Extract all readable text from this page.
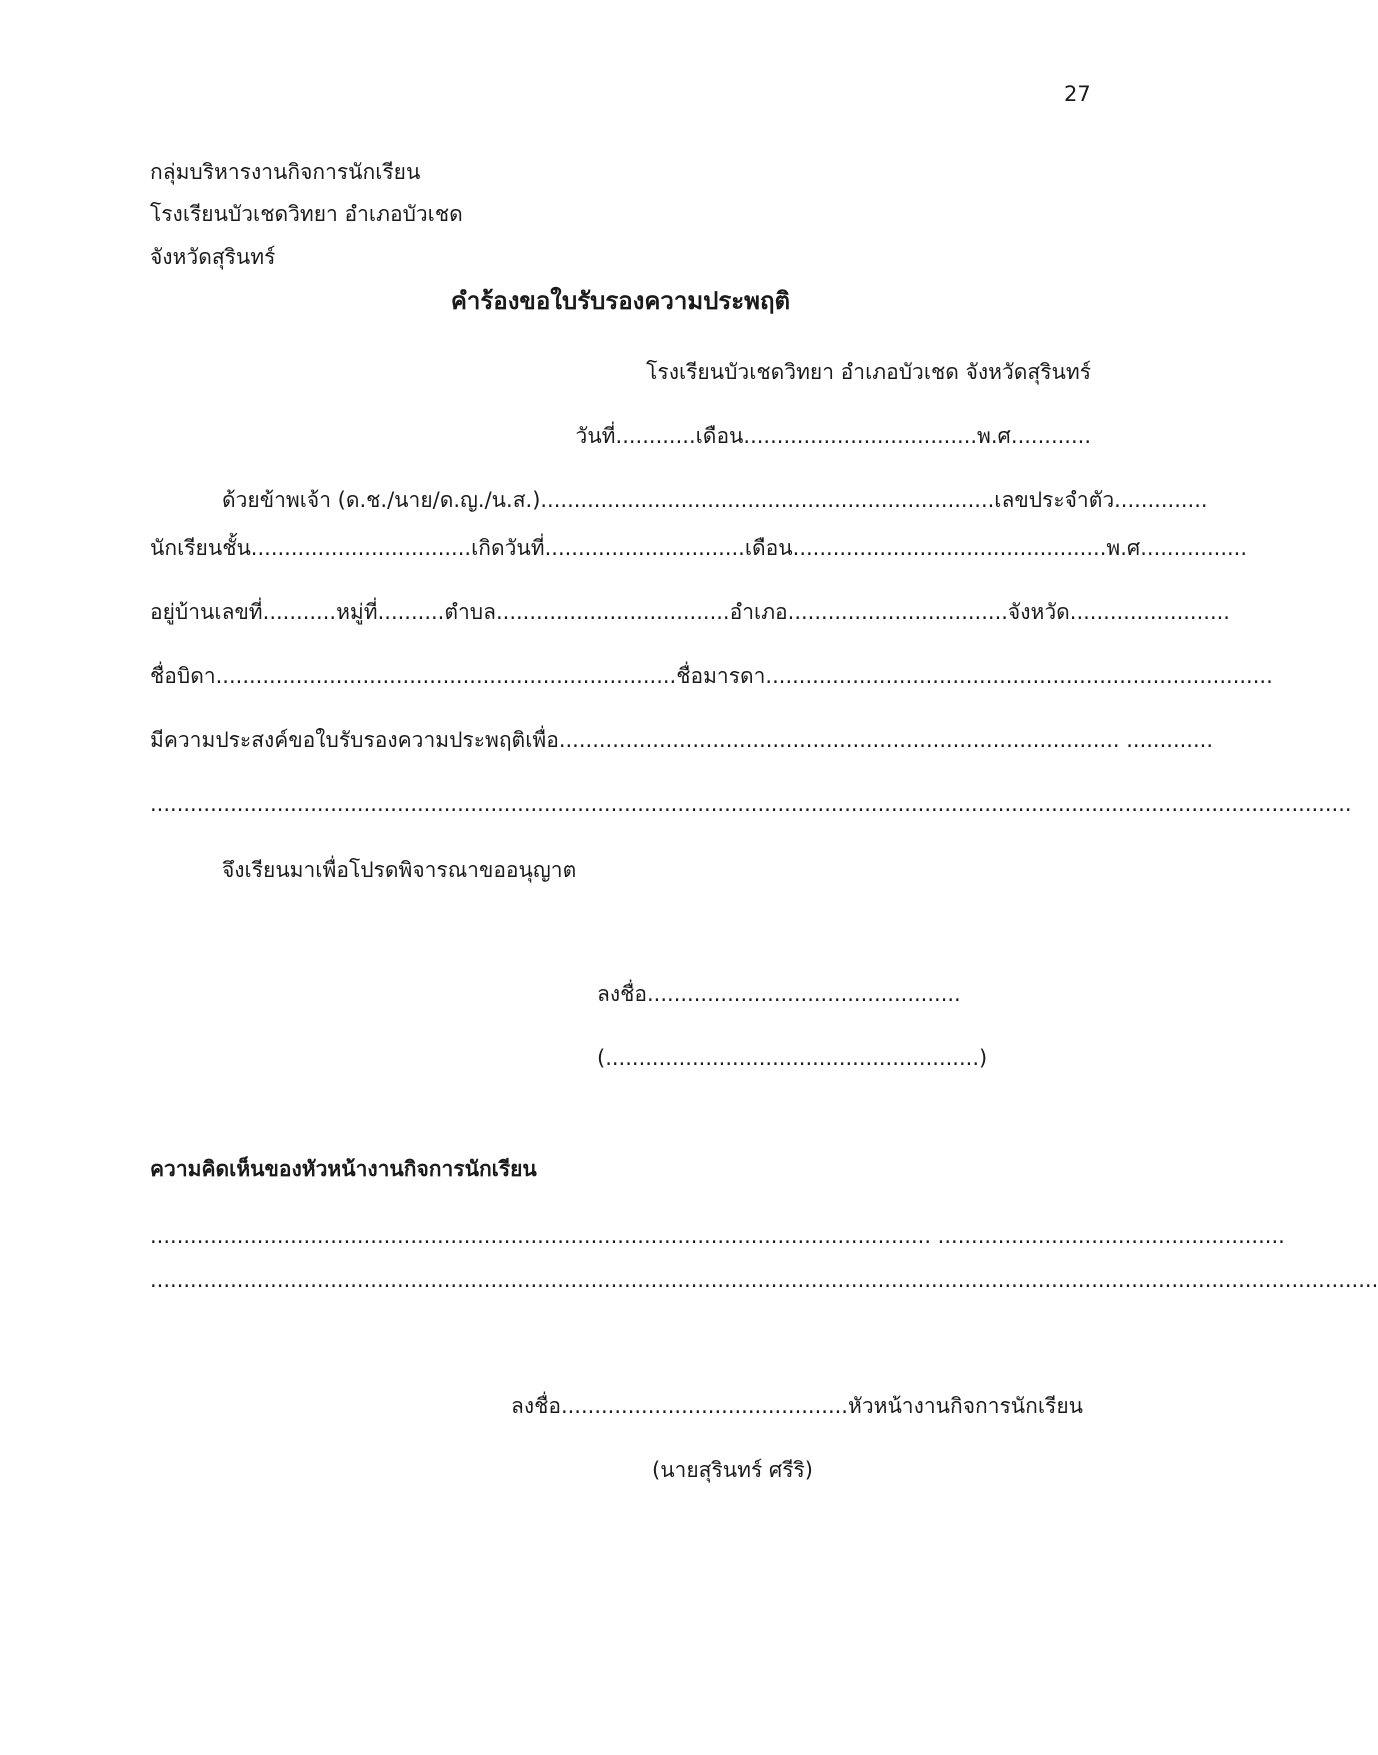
27
กลุ่มบริหารงานกิจการนักเรียน
โรงเรียนบัวเชดวิทยา อำเภอบัวเชด
จังหวัดสุรินทร์
คำร้องขอใบรับรองความประพฤติ
โรงเรียนบัวเชดวิทยา อำเภอบัวเชด จังหวัดสุรินทร์
วันที่............เดือน...................................พ.ศ............
ด้วยข้าพเจ้า (ด.ช./นาย/ด.ญ./น.ส.)....................................................................เลขประจำตัว..............
นักเรียนชั้น.................................เกิดวันที่..............................เดือน...............................................พ.ศ................
อยู่บ้านเลขที่...........หมู่ที่..........ตำบล...................................อำเภอ.................................จังหวัด........................
ชื่อบิดา.....................................................................ชื่อมารดา............................................................................
มีความประสงค์ขอใบรับรองความประพฤติเพื่อ.................................................................................... .............
....................................................................................................................................................................................
จึงเรียนมาเพื่อโปรดพิจารณาขออนุญาต
ลงชื่อ...............................................
(........................................................)
ความคิดเห็นของหัวหน้างานกิจการนักเรียน
..................................................................................................................... ....................................................
........................................................................................................................................................................................
ลงชื่อ...........................................หัวหน้างานกิจการนักเรียน
(นายสุรินทร์ ศรีริ)
